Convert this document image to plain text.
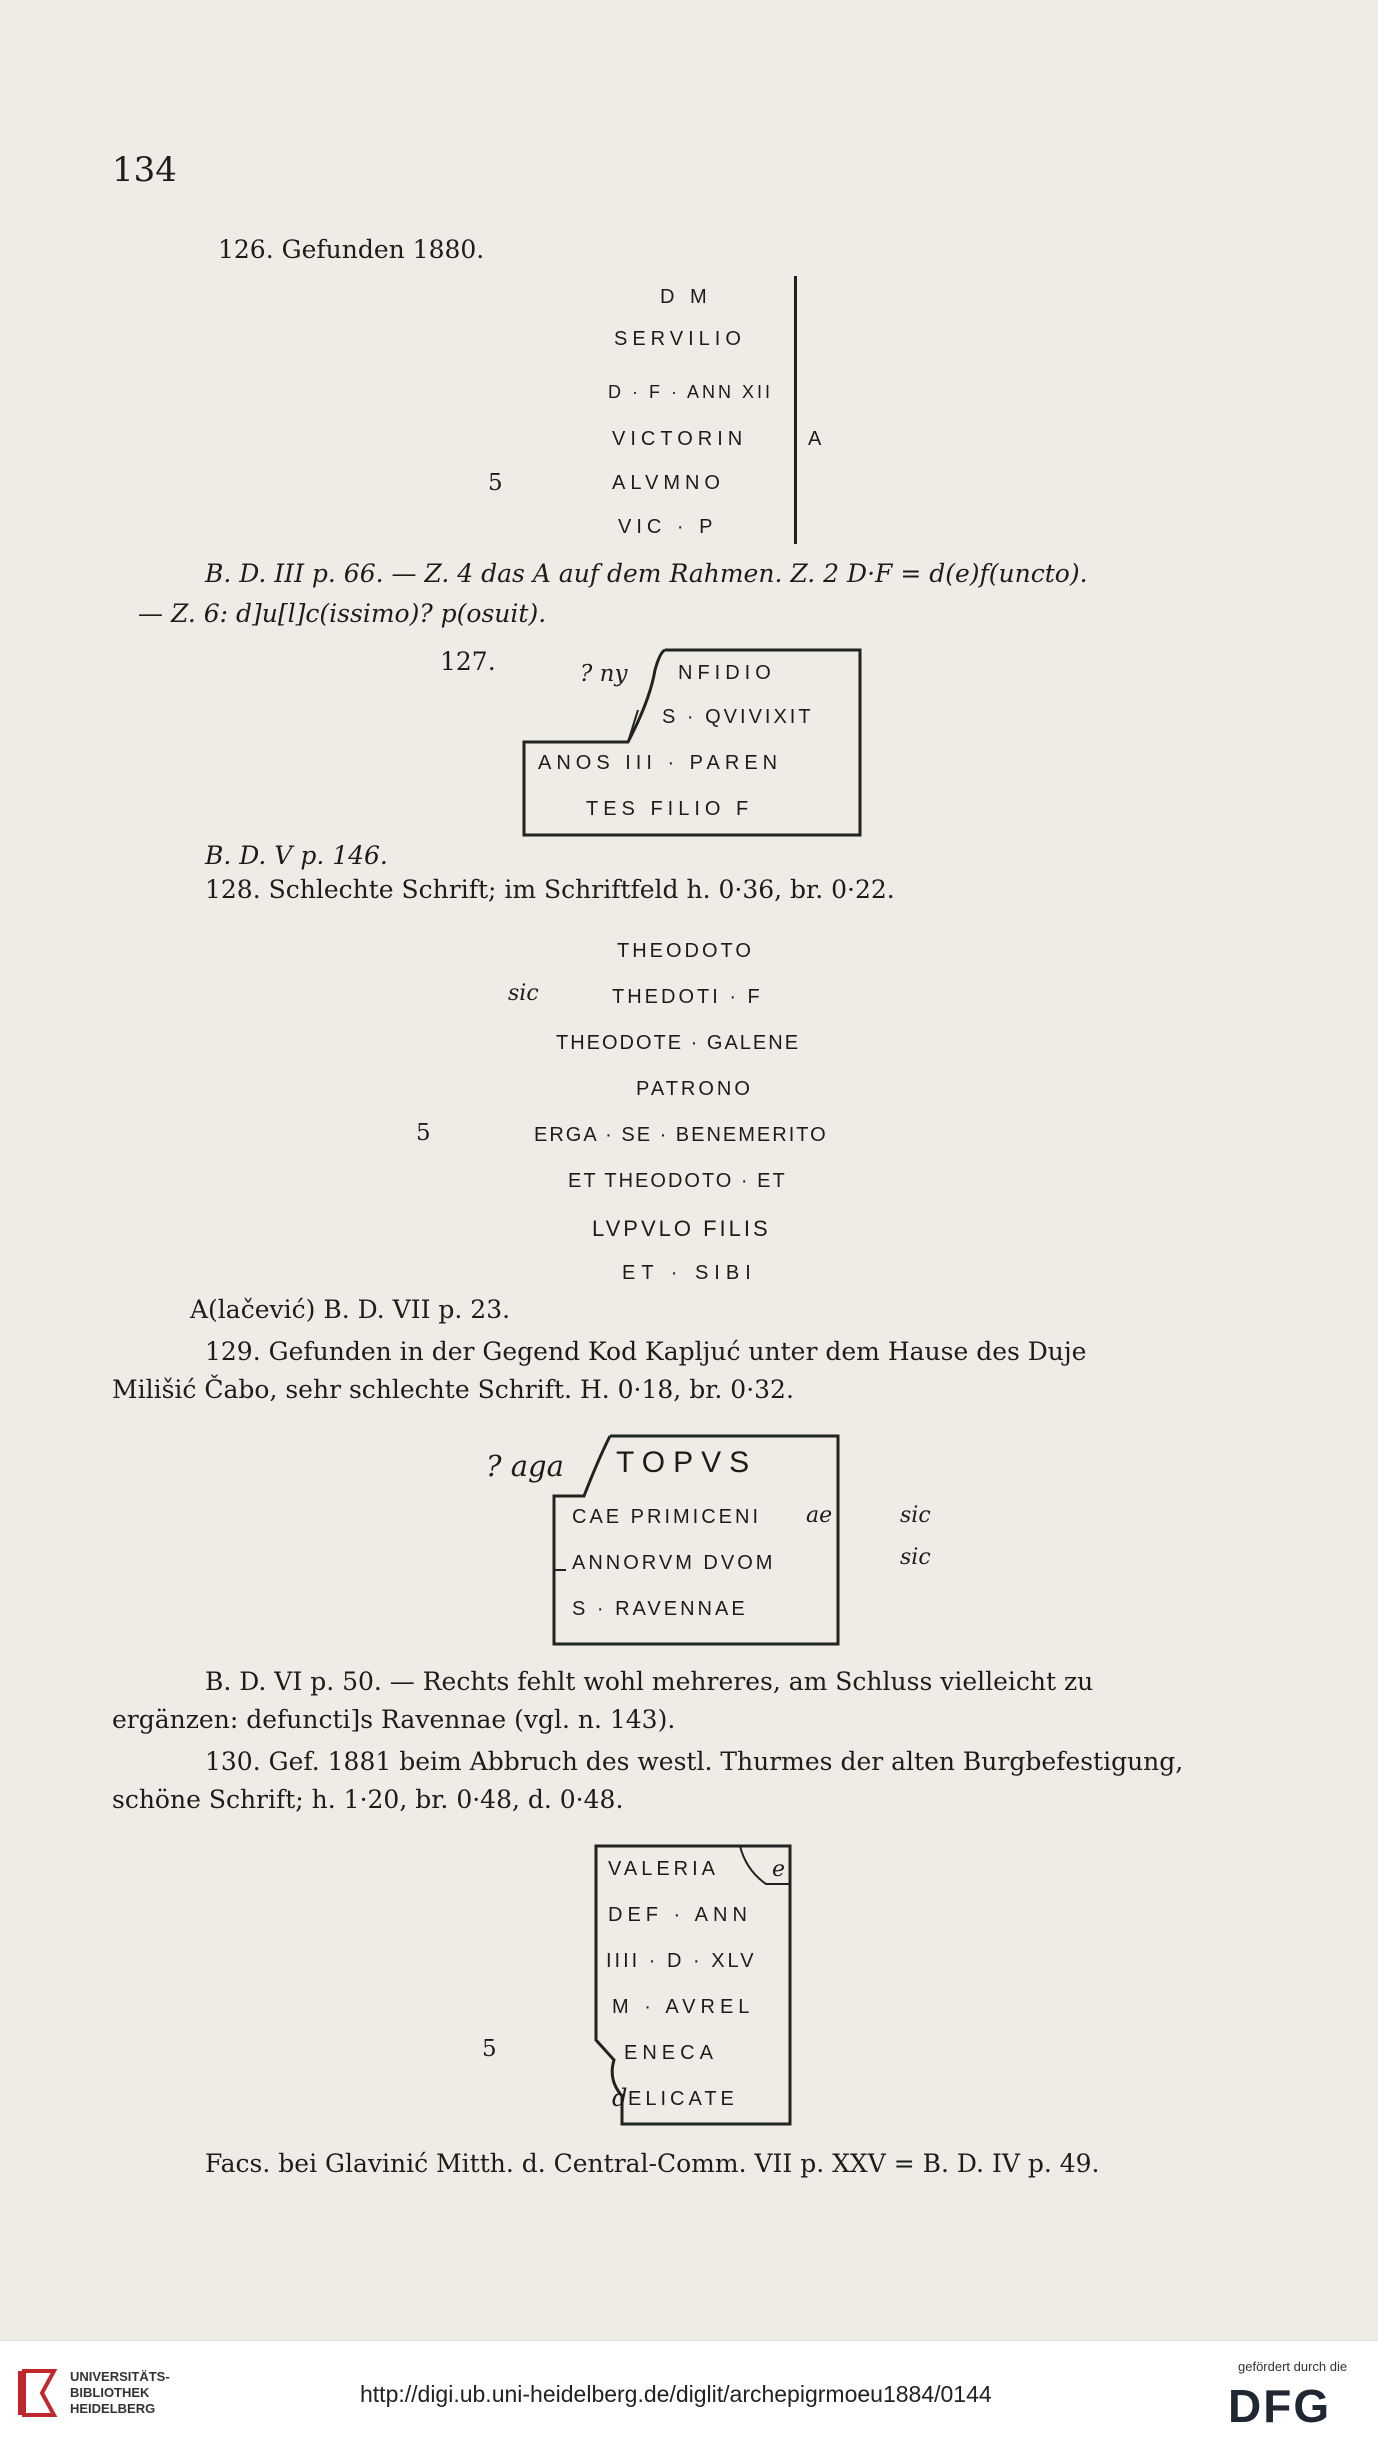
134
126. Gefunden 1880.
D M
SERVILIO
D · F · ANN XII
VICTORIN	A
5	ALVMNO
VIC · P
B. D. III p. 66. — Z. 4 das A auf dem Rahmen. Z. 2 D·F = d(e)f(uncto).
— Z. 6: d]u[l]c(issimo)? p(osuit).
127.	? ny	NFIDIO
S · QVIVIXIT
ANOS III · PAREN
TES FILIO F
B. D. V p. 146.
128. Schlechte Schrift; im Schriftfeld h. 0·36, br. 0·22.
THEODOTO
sic	THEDOTI · F
THEODOTE · GALENE
PATRONO
5	ERGA · SE · BENEMERITO
ET THEODOTO · ET
LVPVLO FILIS
ET · SIBI
A(lačević) B. D. VII p. 23.
129. Gefunden in der Gegend Kod Kapljuć unter dem Hause des Duje
Milišić Čabo, sehr schlechte Schrift. H. 0·18, br. 0·32.
? aga TOPVS
CAE PRIMICENI ae	sic
ANNORVM DVOM	sic
S · RAVENNAE
B. D. VI p. 50. — Rechts fehlt wohl mehreres, am Schluss vielleicht zu
ergänzen: defuncti]s Ravennae (vgl. n. 143).
130. Gef. 1881 beim Abbruch des westl. Thurmes der alten Burgbefestigung,
schöne Schrift; h. 1·20, br. 0·48, d. 0·48.
VALERIA e
DEF · ANN
IIII · D · XLV
M · AVREL
5	ENECA
d ELICATE
Facs. bei Glavinić Mitth. d. Central-Comm. VII p. XXV = B. D. IV p. 49.
UNIVERSITÄTS-
BIBLIOTHEK
HEIDELBERG
http://digi.ub.uni-heidelberg.de/diglit/archepigrmoeu1884/0144
gefördert durch die
DFG
